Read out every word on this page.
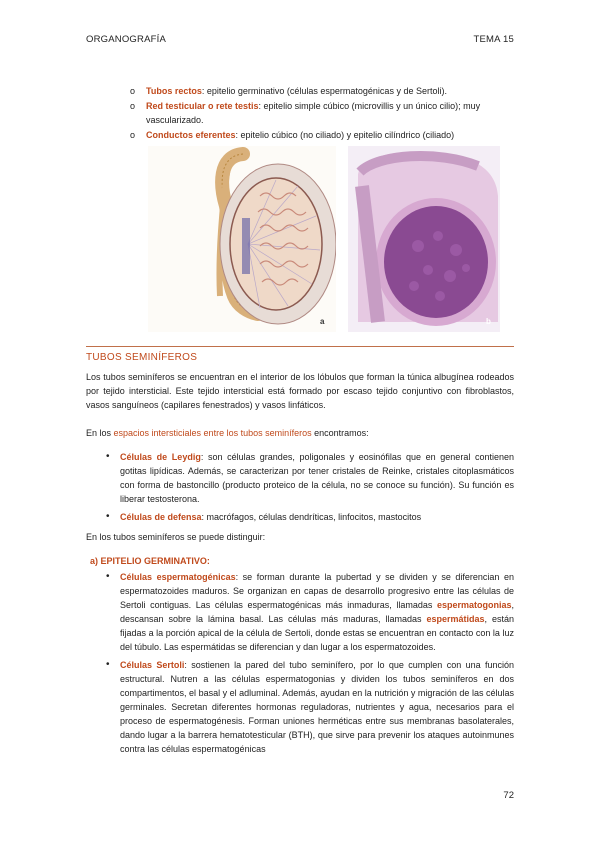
ORGANOGRAFÍA	TEMA 15
o Tubos rectos: epitelio germinativo (células espermatogénicas y de Sertoli).
o Red testicular o rete testis: epitelio simple cúbico (microvillis y un único cilio); muy vascularizado.
o Conductos eferentes: epitelio cúbico (no ciliado) y epitelio cilíndrico (ciliado)
a	b
TUBOS SEMINÍFEROS

Los tubos seminíferos se encuentran en el interior de los lóbulos que forman la túnica albugínea rodeados por tejido intersticial. Este tejido intersticial está formado por escaso tejido conjuntivo con fibroblastos, vasos sanguíneos (capilares fenestrados) y vasos linfáticos.

En los espacios intersticiales entre los tubos seminíferos encontramos:

• Células de Leydig: son células grandes, poligonales y eosinófilas que en general contienen gotitas lipídicas. Además, se caracterizan por tener cristales de Reinke, cristales citoplasmáticos con forma de bastoncillo (producto proteico de la célula, no se conoce su función). Su función es liberar testosterona.
• Células de defensa: macrófagos, células dendríticas, linfocitos, mastocitos

En los tubos seminíferos se puede distinguir:

a) EPITELIO GERMINATIVO:
• Células espermatogénicas: se forman durante la pubertad y se dividen y se diferencian en espermatozoides maduros. Se organizan en capas de desarrollo progresivo entre las células de Sertoli contiguas. Las células espermatogénicas más inmaduras, llamadas espermatogonias, descansan sobre la lámina basal. Las células más maduras, llamadas espermátidas, están fijadas a la porción apical de la célula de Sertoli, donde estas se encuentran en contacto con la luz del túbulo. Las espermátidas se diferencian y dan lugar a los espermatozoides.
• Células Sertoli: sostienen la pared del tubo seminífero, por lo que cumplen con una función estructural. Nutren a las células espermatogonias y dividen los tubos seminíferos en dos compartimentos, el basal y el adluminal. Además, ayudan en la nutrición y migración de las células germinales. Secretan diferentes hormonas reguladoras, nutrientes y agua, necesarios para el proceso de espermatogénesis. Forman uniones herméticas entre sus membranas basolaterales, dando lugar a la barrera hematotesticular (BTH), que sirve para prevenir los ataques autoinmunes contra las células espermatogénicas
72
